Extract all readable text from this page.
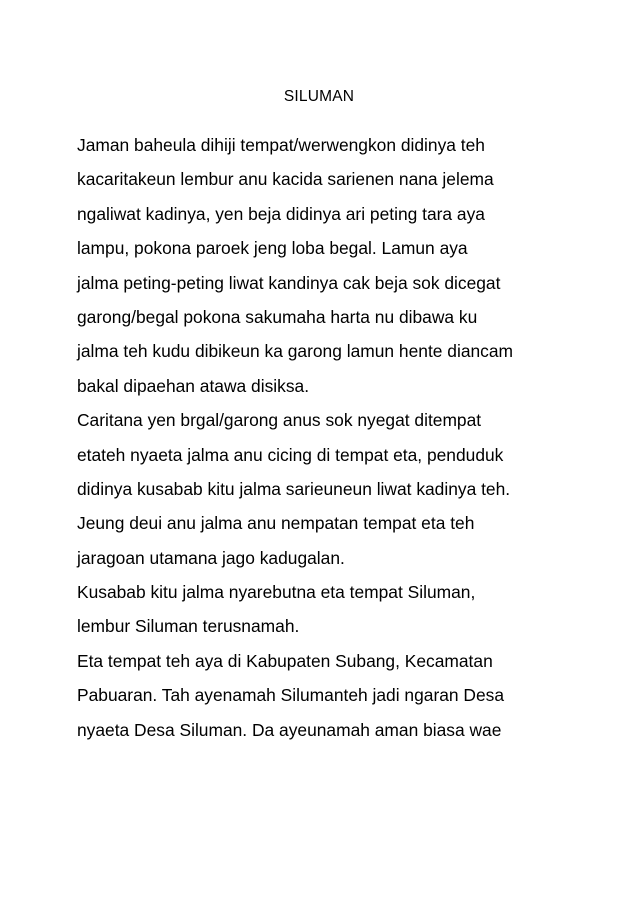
SILUMAN
Jaman baheula dihiji tempat/werwengkon didinya teh
kacaritakeun lembur anu kacida sarienen nana jelema
ngaliwat kadinya, yen beja didinya ari peting tara aya
lampu, pokona paroek jeng loba begal. Lamun aya
jalma peting-peting liwat kandinya cak beja sok dicegat
garong/begal pokona sakumaha harta nu dibawa ku
jalma teh kudu dibikeun ka garong lamun hente diancam
bakal dipaehan atawa disiksa.
Caritana yen brgal/garong anus sok nyegat ditempat
etateh nyaeta jalma anu cicing di tempat eta, penduduk
didinya kusabab kitu jalma sarieuneun liwat kadinya teh.
Jeung deui anu jalma anu nempatan tempat eta teh
jaragoan utamana jago kadugalan.
Kusabab kitu jalma nyarebutna eta tempat Siluman,
lembur Siluman terusnamah.
Eta tempat teh aya di Kabupaten Subang, Kecamatan
Pabuaran. Tah ayenamah Silumanteh jadi ngaran Desa
nyaeta Desa Siluman. Da ayeunamah aman biasa wae
